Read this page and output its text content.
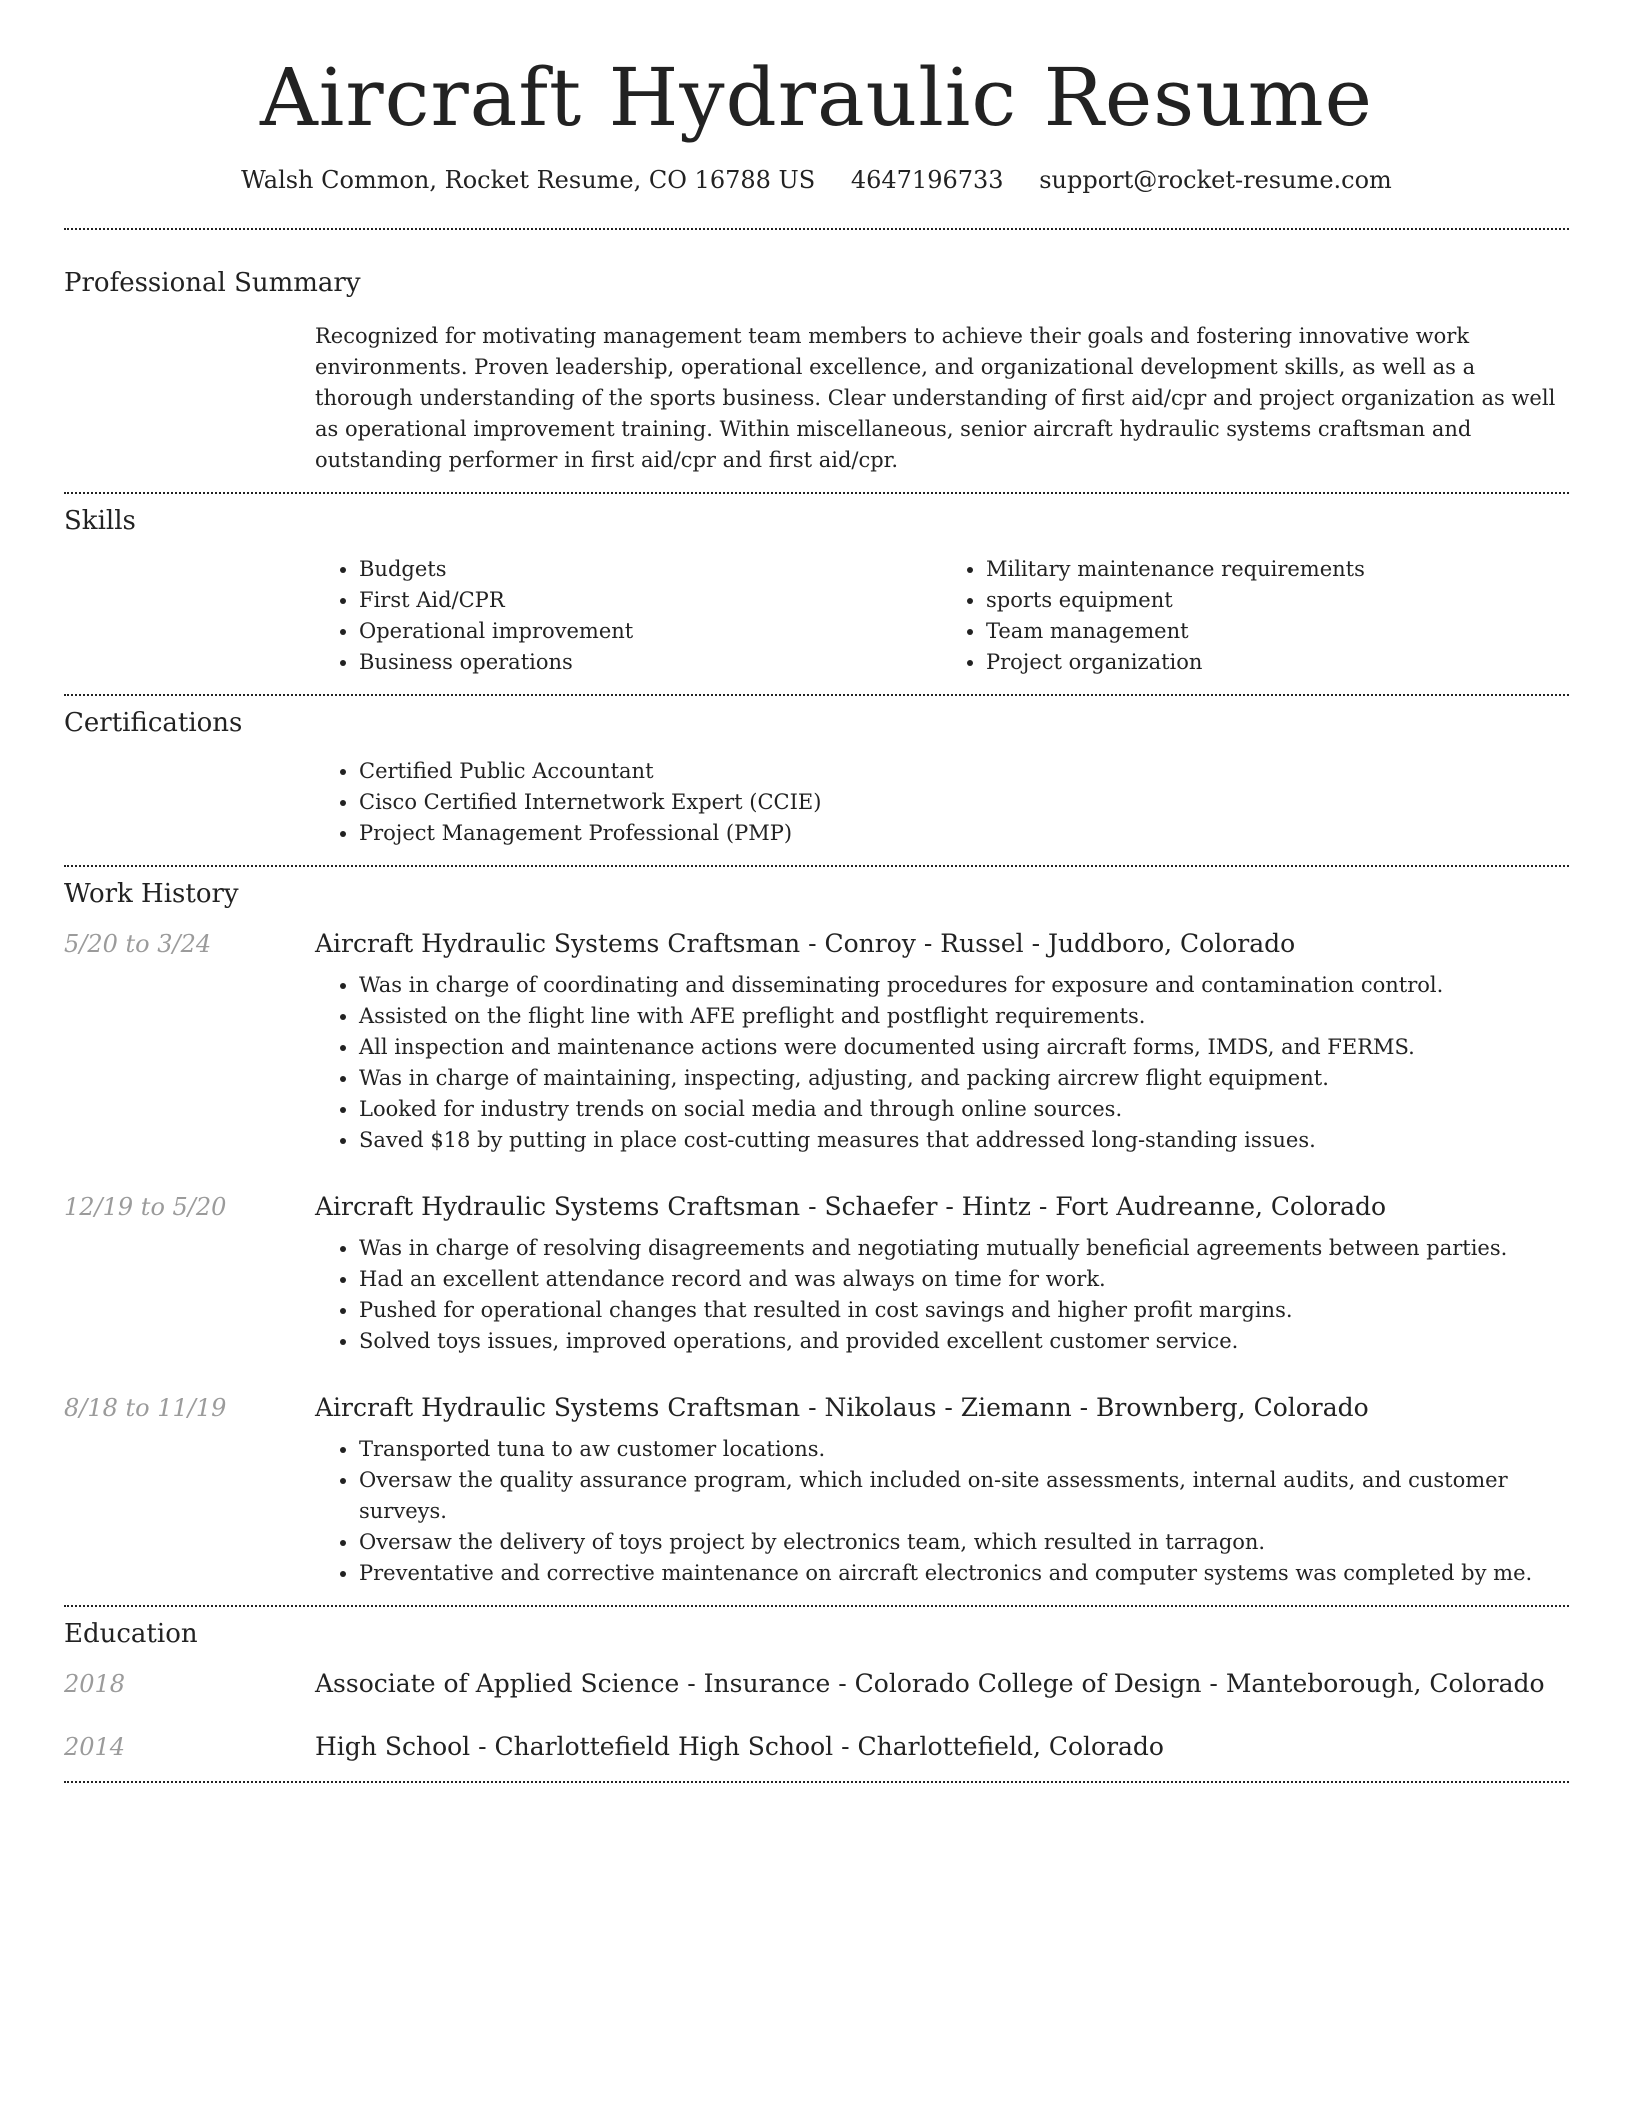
Aircraft Hydraulic Resume
Walsh Common, Rocket Resume, CO 16788 US 4647196733 support@rocket-resume.com
Professional Summary
Recognized for motivating management team members to achieve their goals and fostering innovative work environments. Proven leadership, operational excellence, and organizational development skills, as well as a thorough understanding of the sports business. Clear understanding of first aid/cpr and project organization as well as operational improvement training. Within miscellaneous, senior aircraft hydraulic systems craftsman and outstanding performer in first aid/cpr and first aid/cpr.
Skills
• Budgets
• First Aid/CPR
• Operational improvement
• Business operations
• Military maintenance requirements
• sports equipment
• Team management
• Project organization
Certifications
• Certified Public Accountant
• Cisco Certified Internetwork Expert (CCIE)
• Project Management Professional (PMP)
Work History
5/20 to 3/24	Aircraft Hydraulic Systems Craftsman - Conroy - Russel - Juddboro, Colorado
• Was in charge of coordinating and disseminating procedures for exposure and contamination control.
• Assisted on the flight line with AFE preflight and postflight requirements.
• All inspection and maintenance actions were documented using aircraft forms, IMDS, and FERMS.
• Was in charge of maintaining, inspecting, adjusting, and packing aircrew flight equipment.
• Looked for industry trends on social media and through online sources.
• Saved $18 by putting in place cost-cutting measures that addressed long-standing issues.
12/19 to 5/20	Aircraft Hydraulic Systems Craftsman - Schaefer - Hintz - Fort Audreanne, Colorado
• Was in charge of resolving disagreements and negotiating mutually beneficial agreements between parties.
• Had an excellent attendance record and was always on time for work.
• Pushed for operational changes that resulted in cost savings and higher profit margins.
• Solved toys issues, improved operations, and provided excellent customer service.
8/18 to 11/19	Aircraft Hydraulic Systems Craftsman - Nikolaus - Ziemann - Brownberg, Colorado
• Transported tuna to aw customer locations.
• Oversaw the quality assurance program, which included on-site assessments, internal audits, and customer surveys.
• Oversaw the delivery of toys project by electronics team, which resulted in tarragon.
• Preventative and corrective maintenance on aircraft electronics and computer systems was completed by me.
Education
2018	Associate of Applied Science - Insurance - Colorado College of Design - Manteborough, Colorado
2014	High School - Charlottefield High School - Charlottefield, Colorado
